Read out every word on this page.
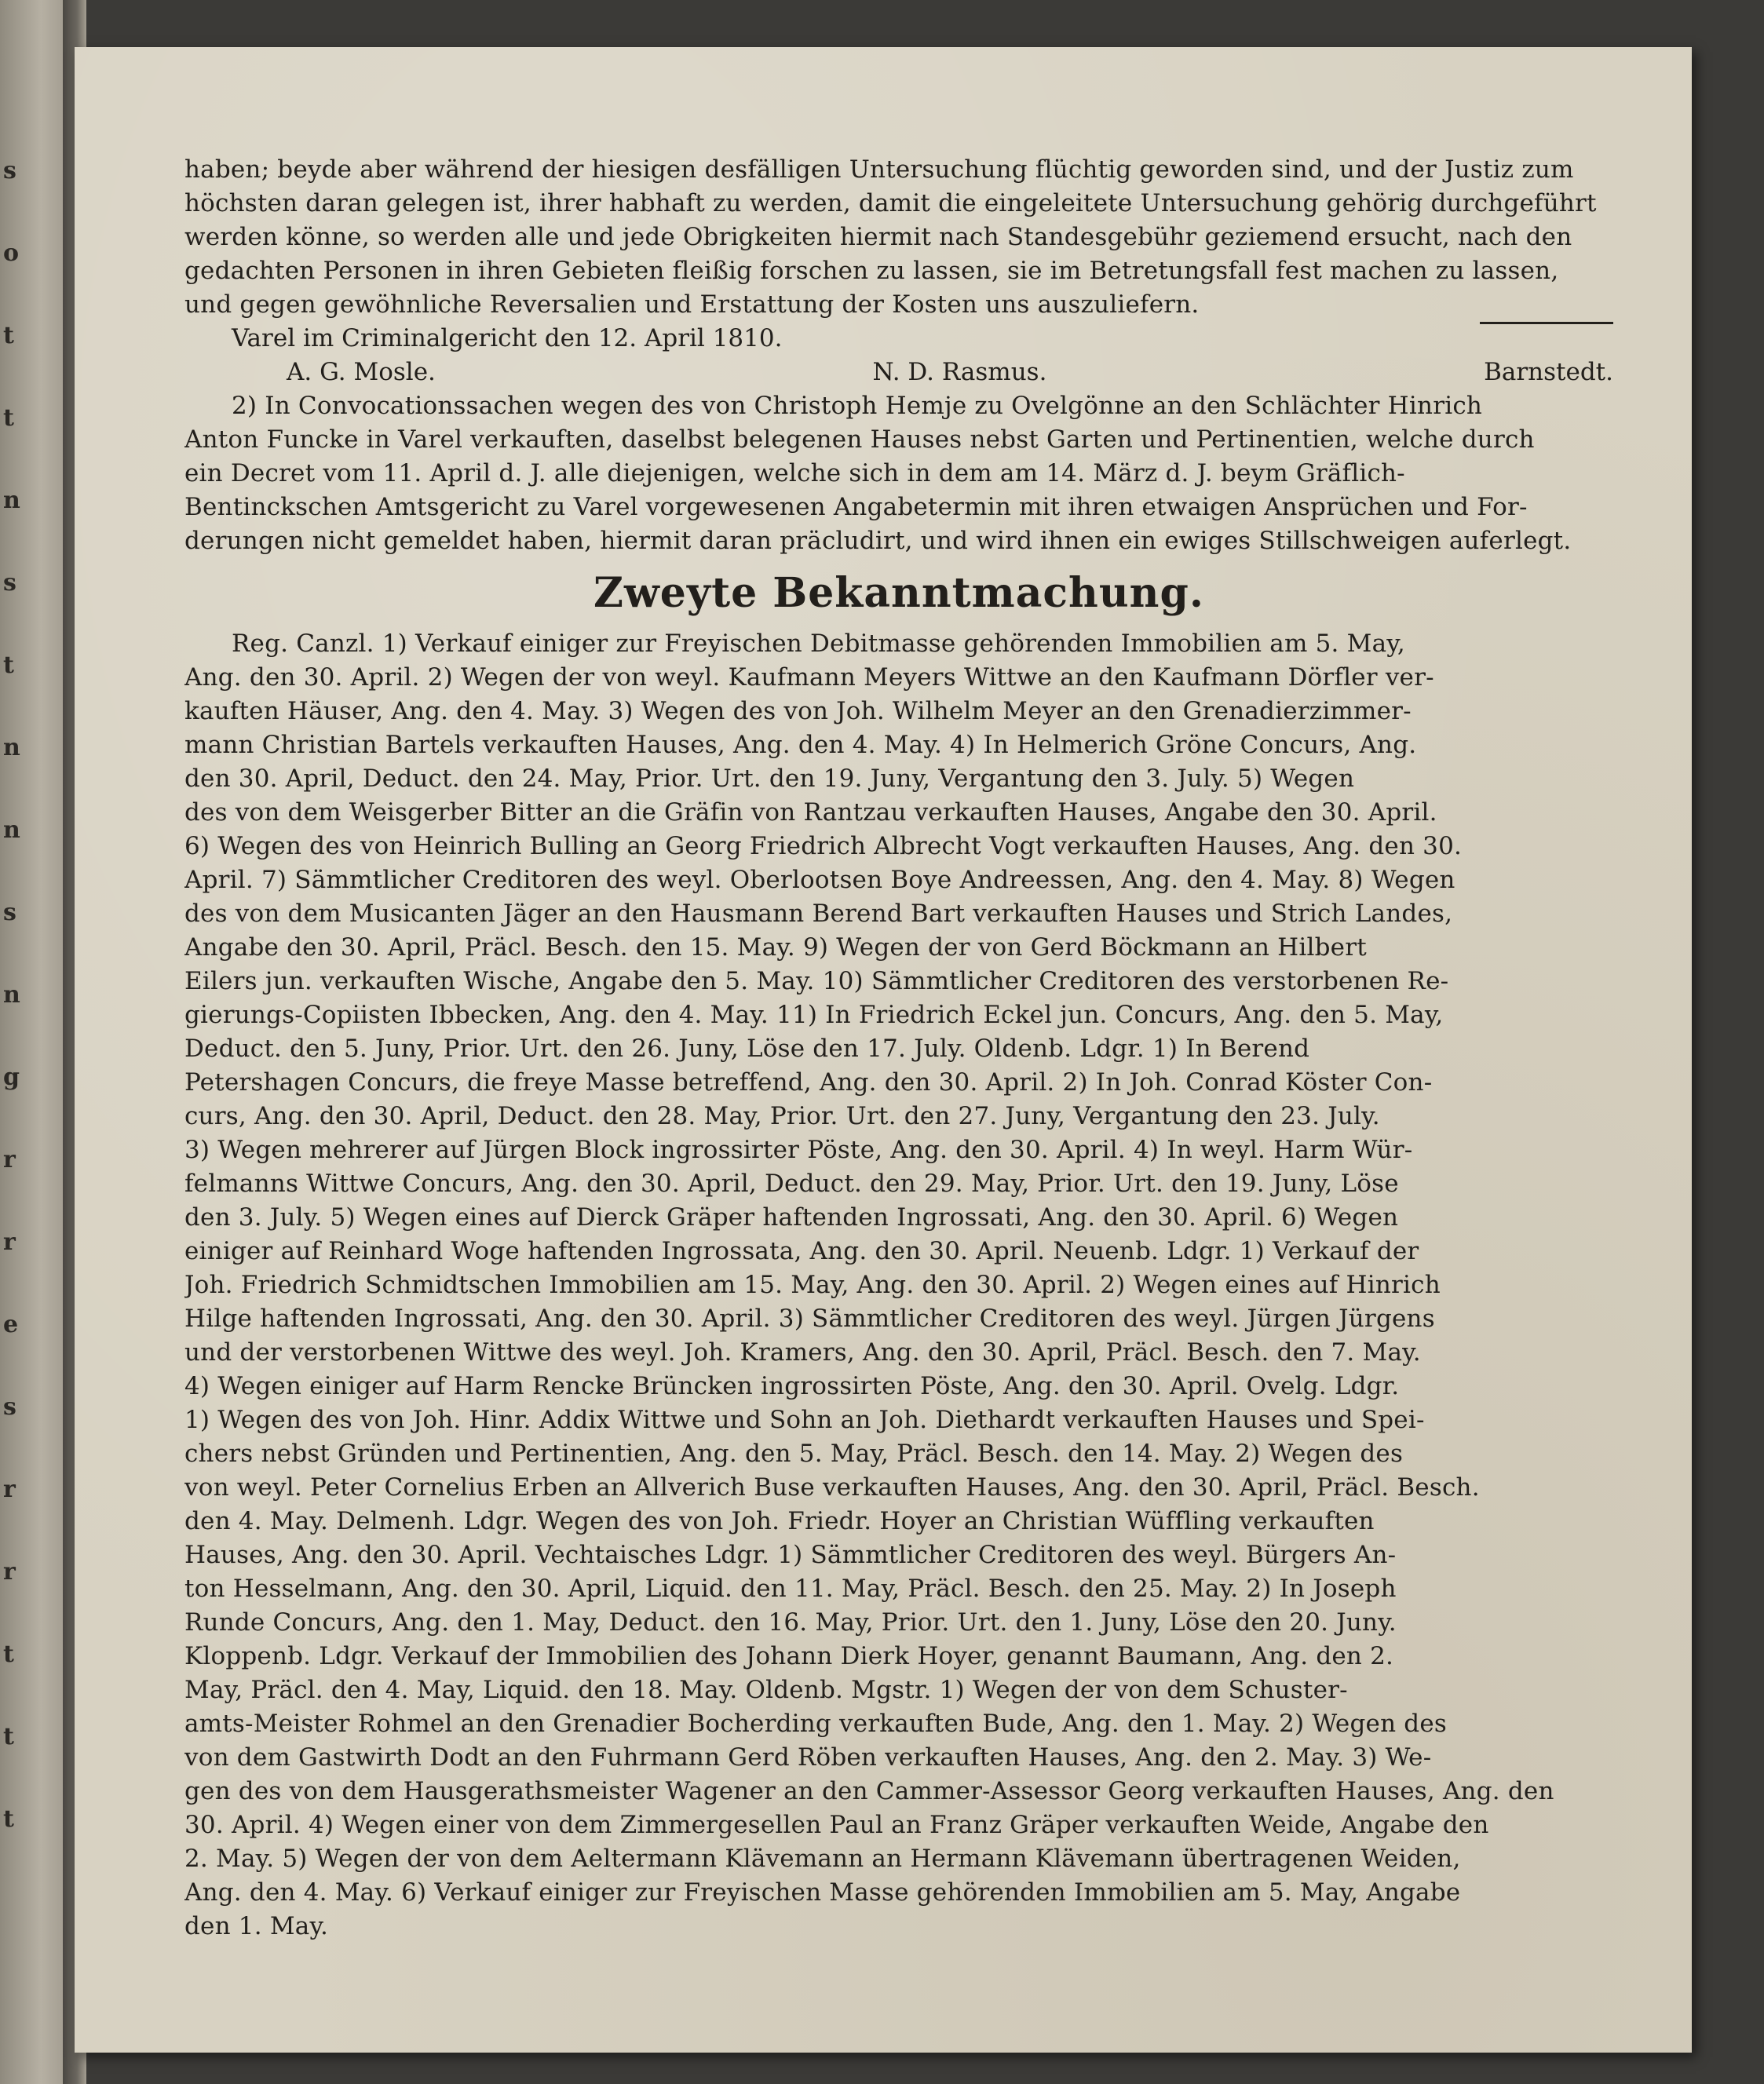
s
o
t
t
n
s
t
n
n
s
n
g
r
r
e
s
r
r
t
t
t
haben; beyde aber während der hiesigen desfälligen Untersuchung flüchtig geworden sind, und der Justiz zum
höchsten daran gelegen ist, ihrer habhaft zu werden, damit die eingeleitete Untersuchung gehörig durchgeführt
werden könne, so werden alle und jede Obrigkeiten hiermit nach Standesgebühr geziemend ersucht, nach den
gedachten Personen in ihren Gebieten fleißig forschen zu lassen, sie im Betretungsfall fest machen zu lassen,
und gegen gewöhnliche Reversalien und Erstattung der Kosten uns auszuliefern.
Varel im Criminalgericht den 12. April 1810.
A. G. Mosle.	N. D. Rasmus.	Barnstedt.
2) In Convocationssachen wegen des von Christoph Hemje zu Ovelgönne an den Schlächter Hinrich
Anton Funcke in Varel verkauften, daselbst belegenen Hauses nebst Garten und Pertinentien, welche durch
ein Decret vom 11. April d. J. alle diejenigen, welche sich in dem am 14. März d. J. beym Gräflich-
Bentinckschen Amtsgericht zu Varel vorgewesenen Angabetermin mit ihren etwaigen Ansprüchen und For-
derungen nicht gemeldet haben, hiermit daran präcludirt, und wird ihnen ein ewiges Stillschweigen auferlegt.
Zweyte Bekanntmachung.
Reg. Canzl. 1) Verkauf einiger zur Freyischen Debitmasse gehörenden Immobilien am 5. May,
Ang. den 30. April. 2) Wegen der von weyl. Kaufmann Meyers Wittwe an den Kaufmann Dörfler ver-
kauften Häuser, Ang. den 4. May. 3) Wegen des von Joh. Wilhelm Meyer an den Grenadierzimmer-
mann Christian Bartels verkauften Hauses, Ang. den 4. May. 4) In Helmerich Gröne Concurs, Ang.
den 30. April, Deduct. den 24. May, Prior. Urt. den 19. Juny, Vergantung den 3. July. 5) Wegen
des von dem Weisgerber Bitter an die Gräfin von Rantzau verkauften Hauses, Angabe den 30. April.
6) Wegen des von Heinrich Bulling an Georg Friedrich Albrecht Vogt verkauften Hauses, Ang. den 30.
April. 7) Sämmtlicher Creditoren des weyl. Oberlootsen Boye Andreessen, Ang. den 4. May. 8) Wegen
des von dem Musicanten Jäger an den Hausmann Berend Bart verkauften Hauses und Strich Landes,
Angabe den 30. April, Präcl. Besch. den 15. May. 9) Wegen der von Gerd Böckmann an Hilbert
Eilers jun. verkauften Wische, Angabe den 5. May. 10) Sämmtlicher Creditoren des verstorbenen Re-
gierungs-Copiisten Ibbecken, Ang. den 4. May. 11) In Friedrich Eckel jun. Concurs, Ang. den 5. May,
Deduct. den 5. Juny, Prior. Urt. den 26. Juny, Löse den 17. July. Oldenb. Ldgr. 1) In Berend
Petershagen Concurs, die freye Masse betreffend, Ang. den 30. April. 2) In Joh. Conrad Köster Con-
curs, Ang. den 30. April, Deduct. den 28. May, Prior. Urt. den 27. Juny, Vergantung den 23. July.
3) Wegen mehrerer auf Jürgen Block ingrossirter Pöste, Ang. den 30. April. 4) In weyl. Harm Wür-
felmanns Wittwe Concurs, Ang. den 30. April, Deduct. den 29. May, Prior. Urt. den 19. Juny, Löse
den 3. July. 5) Wegen eines auf Dierck Gräper haftenden Ingrossati, Ang. den 30. April. 6) Wegen
einiger auf Reinhard Woge haftenden Ingrossata, Ang. den 30. April. Neuenb. Ldgr. 1) Verkauf der
Joh. Friedrich Schmidtschen Immobilien am 15. May, Ang. den 30. April. 2) Wegen eines auf Hinrich
Hilge haftenden Ingrossati, Ang. den 30. April. 3) Sämmtlicher Creditoren des weyl. Jürgen Jürgens
und der verstorbenen Wittwe des weyl. Joh. Kramers, Ang. den 30. April, Präcl. Besch. den 7. May.
4) Wegen einiger auf Harm Rencke Brüncken ingrossirten Pöste, Ang. den 30. April. Ovelg. Ldgr.
1) Wegen des von Joh. Hinr. Addix Wittwe und Sohn an Joh. Diethardt verkauften Hauses und Spei-
chers nebst Gründen und Pertinentien, Ang. den 5. May, Präcl. Besch. den 14. May. 2) Wegen des
von weyl. Peter Cornelius Erben an Allverich Buse verkauften Hauses, Ang. den 30. April, Präcl. Besch.
den 4. May. Delmenh. Ldgr. Wegen des von Joh. Friedr. Hoyer an Christian Wüffling verkauften
Hauses, Ang. den 30. April. Vechtaisches Ldgr. 1) Sämmtlicher Creditoren des weyl. Bürgers An-
ton Hesselmann, Ang. den 30. April, Liquid. den 11. May, Präcl. Besch. den 25. May. 2) In Joseph
Runde Concurs, Ang. den 1. May, Deduct. den 16. May, Prior. Urt. den 1. Juny, Löse den 20. Juny.
Kloppenb. Ldgr. Verkauf der Immobilien des Johann Dierk Hoyer, genannt Baumann, Ang. den 2.
May, Präcl. den 4. May, Liquid. den 18. May. Oldenb. Mgstr. 1) Wegen der von dem Schuster-
amts-Meister Rohmel an den Grenadier Bocherding verkauften Bude, Ang. den 1. May. 2) Wegen des
von dem Gastwirth Dodt an den Fuhrmann Gerd Röben verkauften Hauses, Ang. den 2. May. 3) We-
gen des von dem Hausgerathsmeister Wagener an den Cammer-Assessor Georg verkauften Hauses, Ang. den
30. April. 4) Wegen einer von dem Zimmergesellen Paul an Franz Gräper verkauften Weide, Angabe den
2. May. 5) Wegen der von dem Aeltermann Klävemann an Hermann Klävemann übertragenen Weiden,
Ang. den 4. May. 6) Verkauf einiger zur Freyischen Masse gehörenden Immobilien am 5. May, Angabe
den 1. May.
